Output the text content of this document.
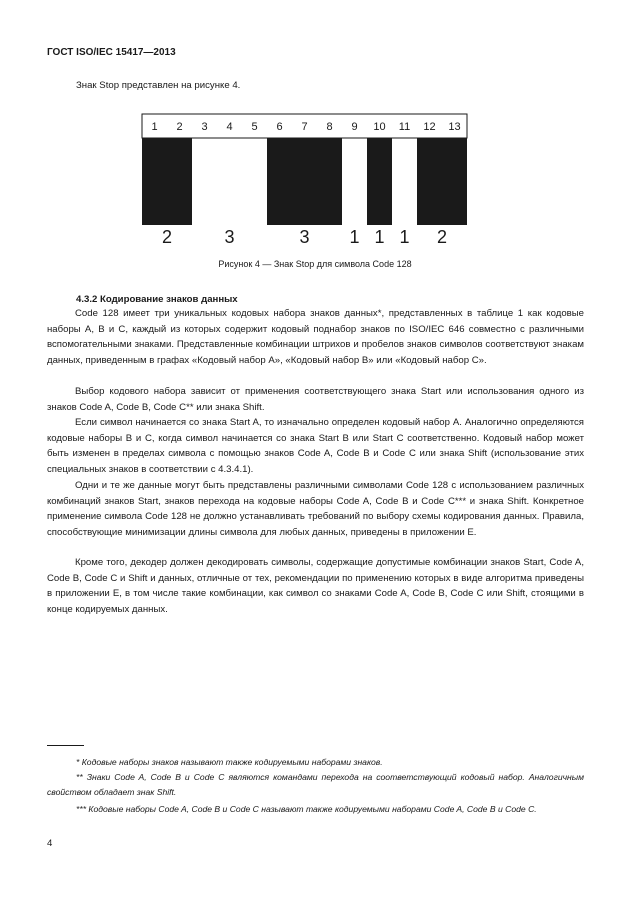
ГОСТ ISO/IEC 15417—2013
Знак Stop представлен на рисунке 4.
1 2 3 4 5 6 7 8 9 10 11 12 13
2	3	3 1 1 1 2
Рисунок 4 — Знак Stop для символа Code 128
4.3.2 Кодирование знаков данных

Code 128 имеет три уникальных кодовых набора знаков данных*, представленных в таблице 1 как кодовые наборы A, B и C, каждый из которых содержит кодовый поднабор знаков по ISO/IEC 646 совместно с различными вспомогательными знаками. Представленные комбинации штрихов и пробелов знаков символов соответствуют знакам данных, приведенным в графах «Кодовый набор A», «Кодовый набор B» или «Кодовый набор C».

Выбор кодового набора зависит от применения соответствующего знака Start или использования одного из знаков Code A, Code B, Code C** или знака Shift.

Если символ начинается со знака Start A, то изначально определен кодовый набор A. Аналогично определяются кодовые наборы B и C, когда символ начинается со знака Start B или Start C соответственно. Кодовый набор может быть изменен в пределах символа с помощью знаков Code A, Code B и Code C или знака Shift (использование этих специальных знаков в соответствии с 4.3.4.1).

Одни и те же данные могут быть представлены различными символами Code 128 с использованием различных комбинаций знаков Start, знаков перехода на кодовые наборы Code A, Code B и Code C*** и знака Shift. Конкретное применение символа Code 128 не должно устанавливать требований по выбору схемы кодирования данных. Правила, способствующие минимизации длины символа для любых данных, приведены в приложении E.

Кроме того, декодер должен декодировать символы, содержащие допустимые комбинации знаков Start, Code A, Code B, Code C и Shift и данных, отличные от тех, рекомендации по применению которых в виде алгоритма приведены в приложении E, в том числе такие комбинации, как символ со знаками Code A, Code B, Code C или Shift, стоящими в конце кодируемых данных.

* Кодовые наборы знаков называют также кодируемыми наборами знаков.

** Знаки Code A, Code B и Code C являются командами перехода на соответствующий кодовый набор. Аналогичным свойством обладает знак Shift.

*** Кодовые наборы Code A, Code B и Code C называют также кодируемыми наборами Code A, Code B и Code C.

4
